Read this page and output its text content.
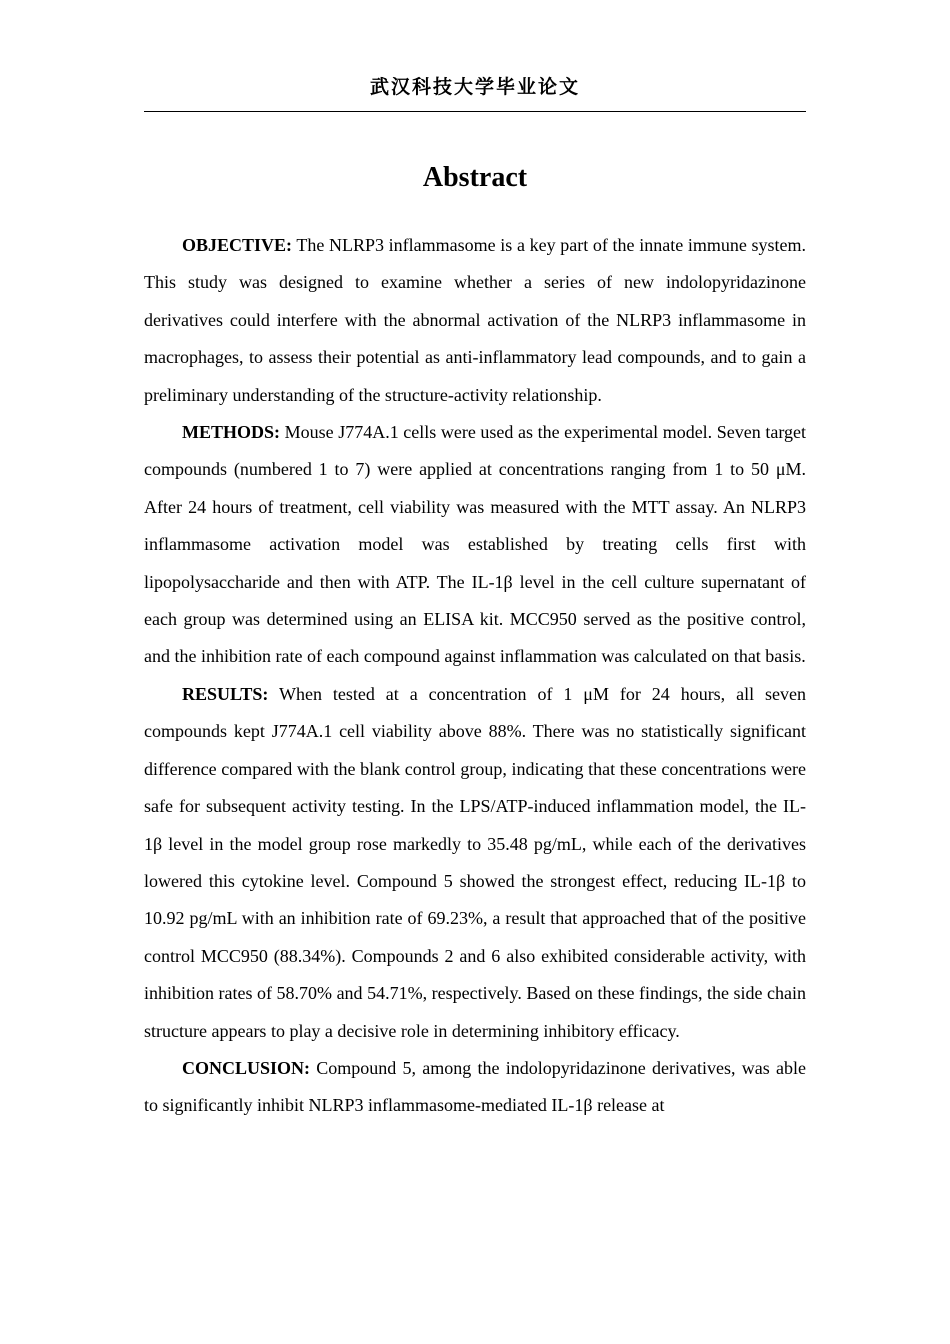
武汉科技大学毕业论文
Abstract

OBJECTIVE: The NLRP3 inflammasome is a key part of the innate immune system. This study was designed to examine whether a series of new indolopyridazinone derivatives could interfere with the abnormal activation of the NLRP3 inflammasome in macrophages, to assess their potential as anti-inflammatory lead compounds, and to gain a preliminary understanding of the structure-activity relationship.

METHODS: Mouse J774A.1 cells were used as the experimental model. Seven target compounds (numbered 1 to 7) were applied at concentrations ranging from 1 to 50 μM. After 24 hours of treatment, cell viability was measured with the MTT assay. An NLRP3 inflammasome activation model was established by treating cells first with lipopolysaccharide and then with ATP. The IL-1β level in the cell culture supernatant of each group was determined using an ELISA kit. MCC950 served as the positive control, and the inhibition rate of each compound against inflammation was calculated on that basis.

RESULTS: When tested at a concentration of 1 μM for 24 hours, all seven compounds kept J774A.1 cell viability above 88%. There was no statistically significant difference compared with the blank control group, indicating that these concentrations were safe for subsequent activity testing. In the LPS/ATP-induced inflammation model, the IL-1β level in the model group rose markedly to 35.48 pg/mL, while each of the derivatives lowered this cytokine level. Compound 5 showed the strongest effect, reducing IL-1β to 10.92 pg/mL with an inhibition rate of 69.23%, a result that approached that of the positive control MCC950 (88.34%). Compounds 2 and 6 also exhibited considerable activity, with inhibition rates of 58.70% and 54.71%, respectively. Based on these findings, the side chain structure appears to play a decisive role in determining inhibitory efficacy.

CONCLUSION: Compound 5, among the indolopyridazinone derivatives, was able to significantly inhibit NLRP3 inflammasome-mediated IL-1β release at
